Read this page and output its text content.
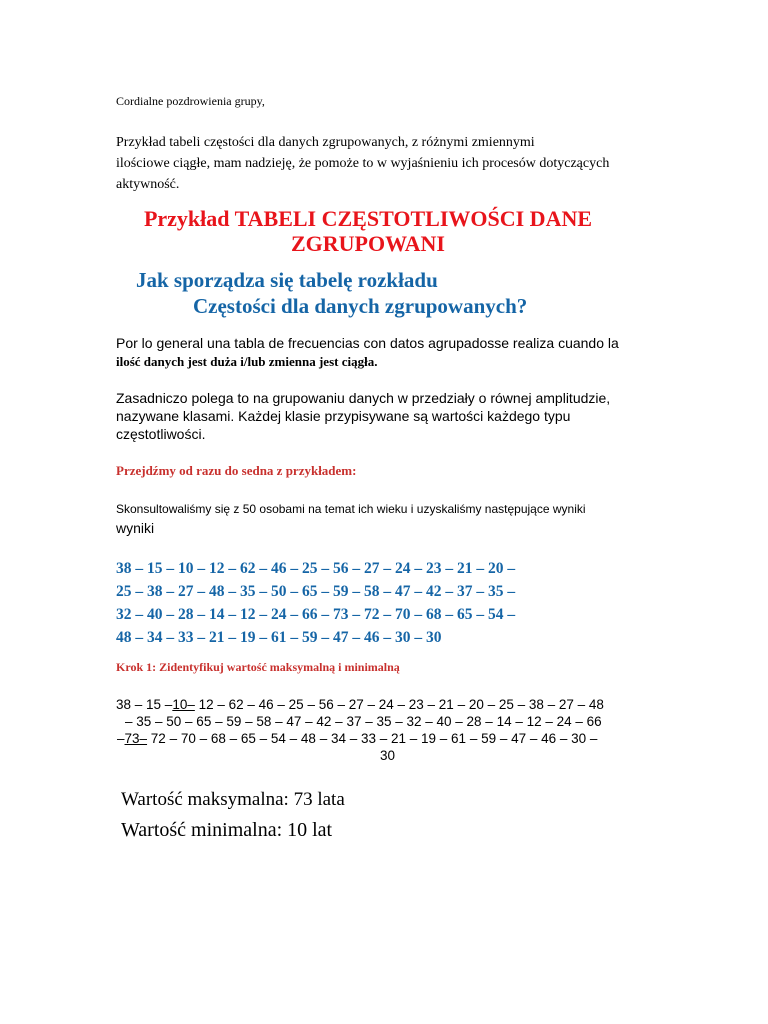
Cordialne pozdrowienia grupy,
Przykład tabeli częstości dla danych zgrupowanych, z różnymi zmiennymi
ilościowe ciągłe, mam nadzieję, że pomoże to w wyjaśnieniu ich procesów dotyczących
aktywność.
Przykład TABELI CZĘSTOTLIWOŚCI DANE
ZGRUPOWANI
Jak sporządza się tabelę rozkładu
Częstości dla danych zgrupowanych?
Por lo general una tabla de frecuencias con datos agrupadosse realiza cuando la
ilość danych jest duża i/lub zmienna jest ciągła.
Zasadniczo polega to na grupowaniu danych w przedziały o równej amplitudzie,
nazywane klasami. Każdej klasie przypisywane są wartości każdego typu
częstotliwości.
Przejdźmy od razu do sedna z przykładem:
Skonsultowaliśmy się z 50 osobami na temat ich wieku i uzyskaliśmy następujące wyniki
wyniki
38 – 15 – 10 – 12 – 62 – 46 – 25 – 56 – 27 – 24 – 23 – 21 – 20 –
25 – 38 – 27 – 48 – 35 – 50 – 65 – 59 – 58 – 47 – 42 – 37 – 35 –
32 – 40 – 28 – 14 – 12 – 24 – 66 – 73 – 72 – 70 – 68 – 65 – 54 –
48 – 34 – 33 – 21 – 19 – 61 – 59 – 47 – 46 – 30 – 30
Krok 1: Zidentyfikuj wartość maksymalną i minimalną
38 – 15 –10– 12 – 62 – 46 – 25 – 56 – 27 – 24 – 23 – 21 – 20 – 25 – 38 – 27 – 48
– 35 – 50 – 65 – 59 – 58 – 47 – 42 – 37 – 35 – 32 – 40 – 28 – 14 – 12 – 24 – 66
–73– 72 – 70 – 68 – 65 – 54 – 48 – 34 – 33 – 21 – 19 – 61 – 59 – 47 – 46 – 30 –
30
Wartość maksymalna: 73 lata
Wartość minimalna: 10 lat
